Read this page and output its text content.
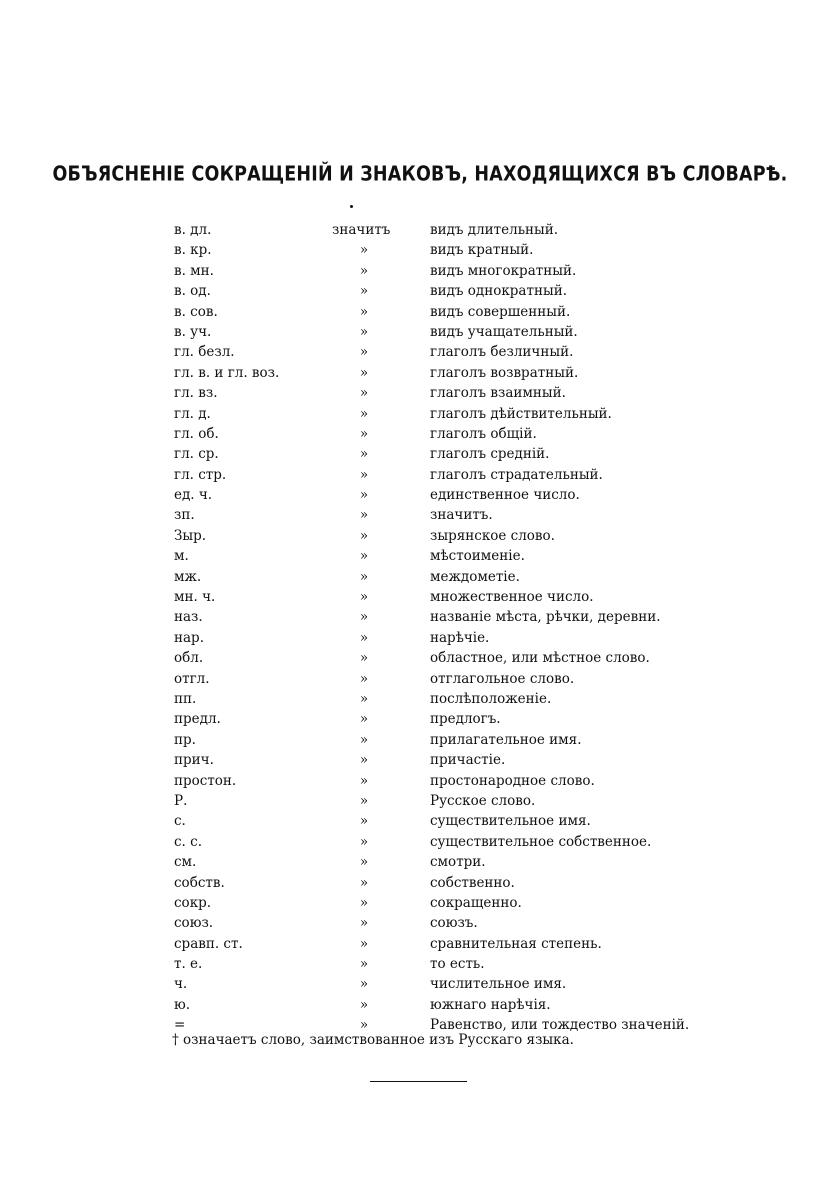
ОБЪЯСНЕНІЕ СОКРАЩЕНІЙ И ЗНАКОВЪ, НАХОДЯЩИХСЯ ВЪ СЛОВАРѢ.
в. дл.	значитъ	видъ длительный.
в. кр.	»	видъ кратный.
в. мн.	»	видъ многократный.
в. од.	»	видъ однократный.
в. сов.	»	видъ совершенный.
в. уч.	»	видъ учащательный.
гл. безл.	»	глаголъ безличный.
гл. в. и гл. воз.	»	глаголъ возвратный.
гл. вз.	»	глаголъ взаимный.
гл. д.	»	глаголъ дѣйствительный.
гл. об.	»	глаголъ общій.
гл. ср.	»	глаголъ средній.
гл. стр.	»	глаголъ страдательный.
ед. ч.	»	единственное число.
зп.	»	значитъ.
Зыр.	»	зырянское слово.
м.	»	мѣстоименіе.
мж.	»	междометіе.
мн. ч.	»	множественное число.
наз.	»	названіе мѣста, рѣчки, деревни.
нар.	»	нарѣчіе.
обл.	»	областное, или мѣстное слово.
отгл.	»	отглагольное слово.
пп.	»	послѣположеніе.
предл.	»	предлогъ.
пр.	»	прилагательное имя.
прич.	»	причастіе.
простон.	»	простонародное слово.
Р.	»	Русское слово.
с.	»	существительное имя.
с. с.	»	существительное собственное.
см.	»	смотри.
собств.	»	собственно.
сокр.	»	сокращенно.
союз.	»	союзъ.
сравп. ст.	»	сравнительная степень.
т. е.	»	то есть.
ч.	»	числительное имя.
ю.	»	южнаго нарѣчія.
=	»	Равенство, или тождество значеній.
† означаетъ слово, заимствованное изъ Русскаго языка.
